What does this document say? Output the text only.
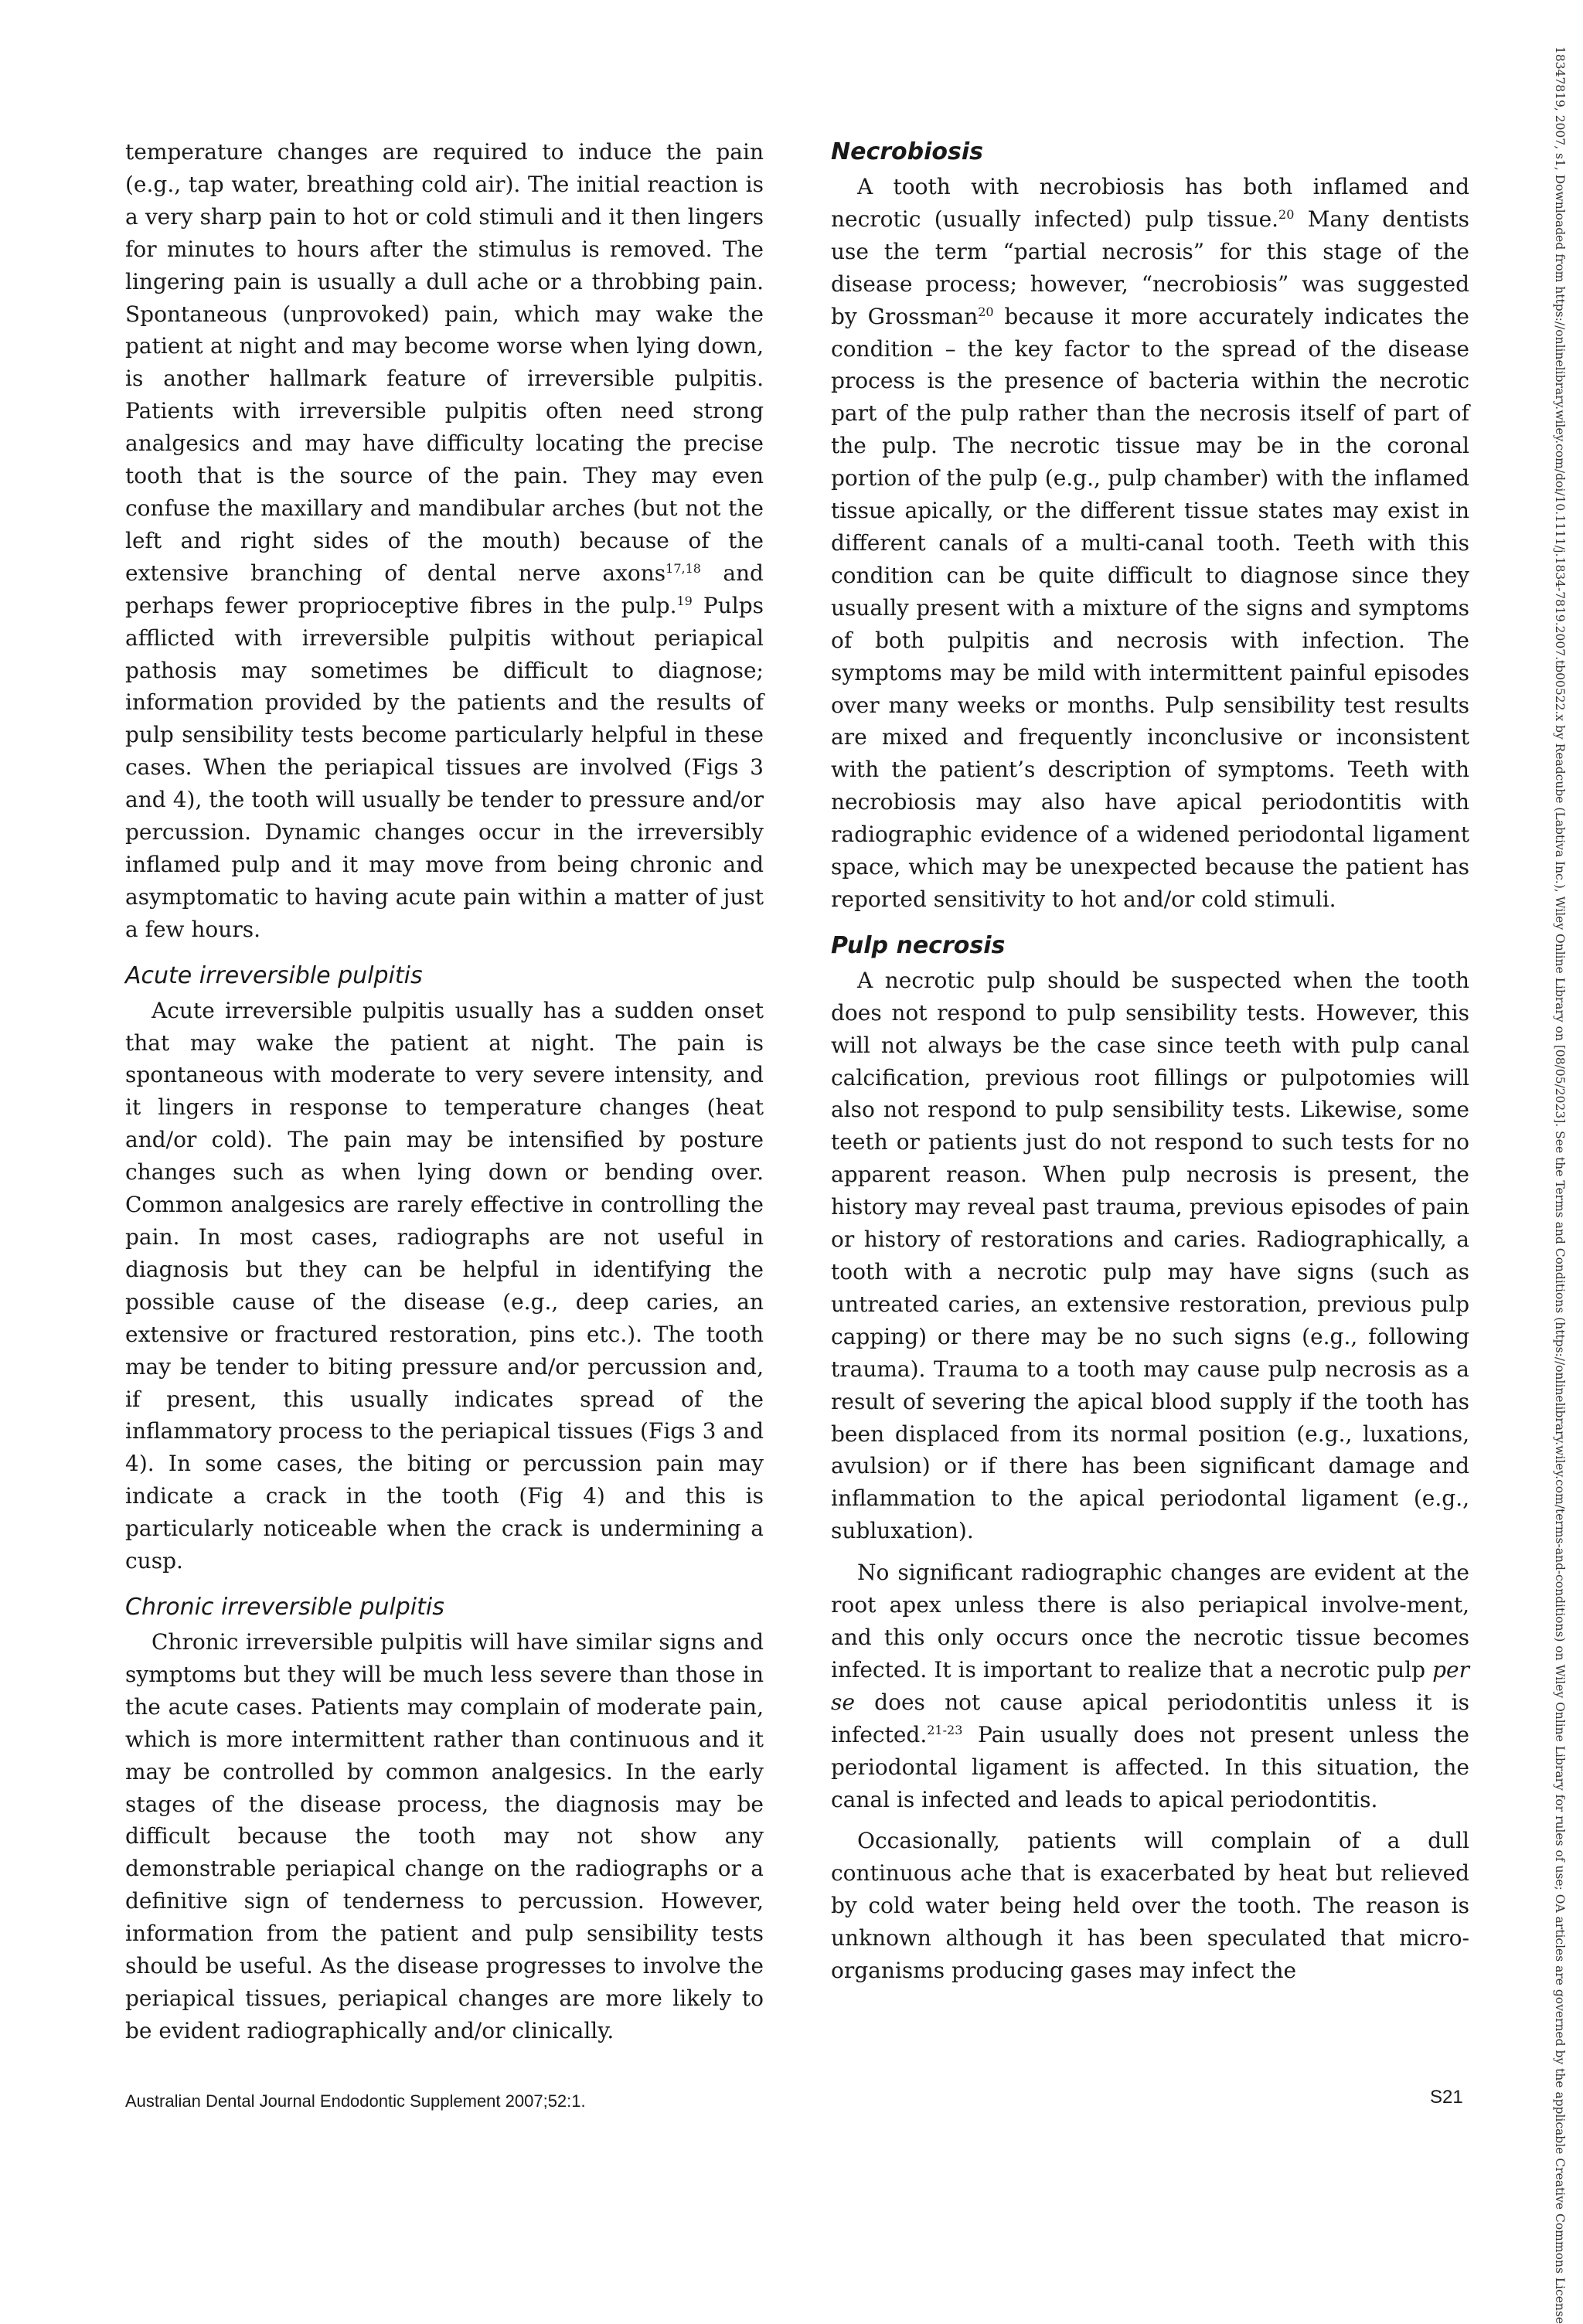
temperature changes are required to induce the pain (e.g., tap water, breathing cold air). The initial reaction is a very sharp pain to hot or cold stimuli and it then lingers for minutes to hours after the stimulus is removed. The lingering pain is usually a dull ache or a throbbing pain. Spontaneous (unprovoked) pain, which may wake the patient at night and may become worse when lying down, is another hallmark feature of irreversible pulpitis. Patients with irreversible pulpitis often need strong analgesics and may have difficulty locating the precise tooth that is the source of the pain. They may even confuse the maxillary and mandibular arches (but not the left and right sides of the mouth) because of the extensive branching of dental nerve axons$^{17,18}$ and perhaps fewer proprioceptive fibres in the pulp.$^{19}$ Pulps afflicted with irreversible pulpitis without periapical pathosis may sometimes be difficult to diagnose; information provided by the patients and the results of pulp sensibility tests become particularly helpful in these cases. When the periapical tissues are involved (Figs 3 and 4), the tooth will usually be tender to pressure and/or percussion. Dynamic changes occur in the irreversibly inflamed pulp and it may move from being chronic and asymptomatic to having acute pain within a matter of just a few hours.

Acute irreversible pulpitis

Acute irreversible pulpitis usually has a sudden onset that may wake the patient at night. The pain is spontaneous with moderate to very severe intensity, and it lingers in response to temperature changes (heat and/or cold). The pain may be intensified by posture changes such as when lying down or bending over. Common analgesics are rarely effective in controlling the pain. In most cases, radiographs are not useful in diagnosis but they can be helpful in identifying the possible cause of the disease (e.g., deep caries, an extensive or fractured restoration, pins etc.). The tooth may be tender to biting pressure and/or percussion and, if present, this usually indicates spread of the inflammatory process to the periapical tissues (Figs 3 and 4). In some cases, the biting or percussion pain may indicate a crack in the tooth (Fig 4) and this is particularly noticeable when the crack is undermining a cusp.

Chronic irreversible pulpitis

Chronic irreversible pulpitis will have similar signs and symptoms but they will be much less severe than those in the acute cases. Patients may complain of moderate pain, which is more intermittent rather than continuous and it may be controlled by common analgesics. In the early stages of the disease process, the diagnosis may be difficult because the tooth may not show any demonstrable periapical change on the radiographs or a definitive sign of tenderness to percussion. However, information from the patient and pulp sensibility tests should be useful. As the disease progresses to involve the periapical tissues, periapical changes are more likely to be evident radiographically and/or clinically.

Necrobiosis

A tooth with necrobiosis has both inflamed and necrotic (usually infected) pulp tissue.$^{20}$ Many dentists use the term “partial necrosis” for this stage of the disease process; however, “necrobiosis” was suggested by Grossman$^{20}$ because it more accurately indicates the condition – the key factor to the spread of the disease process is the presence of bacteria within the necrotic part of the pulp rather than the necrosis itself of part of the pulp. The necrotic tissue may be in the coronal portion of the pulp (e.g., pulp chamber) with the inflamed tissue apically, or the different tissue states may exist in different canals of a multi-canal tooth. Teeth with this condition can be quite difficult to diagnose since they usually present with a mixture of the signs and symptoms of both pulpitis and necrosis with infection. The symptoms may be mild with intermittent painful episodes over many weeks or months. Pulp sensibility test results are mixed and frequently inconclusive or inconsistent with the patient’s description of symptoms. Teeth with necrobiosis may also have apical periodontitis with radiographic evidence of a widened periodontal ligament space, which may be unexpected because the patient has reported sensitivity to hot and/or cold stimuli.

Pulp necrosis

A necrotic pulp should be suspected when the tooth does not respond to pulp sensibility tests. However, this will not always be the case since teeth with pulp canal calcification, previous root fillings or pulpotomies will also not respond to pulp sensibility tests. Likewise, some teeth or patients just do not respond to such tests for no apparent reason. When pulp necrosis is present, the history may reveal past trauma, previous episodes of pain or history of restorations and caries. Radiographically, a tooth with a necrotic pulp may have signs (such as untreated caries, an extensive restoration, previous pulp capping) or there may be no such signs (e.g., following trauma). Trauma to a tooth may cause pulp necrosis as a result of severing the apical blood supply if the tooth has been displaced from its normal position (e.g., luxations, avulsion) or if there has been significant damage and inflammation to the apical periodontal ligament (e.g., subluxation).

No significant radiographic changes are evident at the root apex unless there is also periapical involve-ment, and this only occurs once the necrotic tissue becomes infected. It is important to realize that a necrotic pulp per se does not cause apical periodontitis unless it is infected.$^{21-23}$ Pain usually does not present unless the periodontal ligament is affected. In this situation, the canal is infected and leads to apical periodontitis.

Occasionally, patients will complain of a dull continuous ache that is exacerbated by heat but relieved by cold water being held over the tooth. The reason is unknown although it has been speculated that micro-organisms producing gases may infect the

Australian Dental Journal Endodontic Supplement 2007;52:1.	S21	18347819, 2007, s1, Downloaded from https://onlinelibrary.wiley.com/doi/10.1111/j.1834-7819.2007.tb00522.x by Readcube (Labtiva Inc.), Wiley Online Library on [08/05/2023]. See the Terms and Conditions (https://onlinelibrary.wiley.com/terms-and-conditions) on Wiley Online Library for rules of use; OA articles are governed by the applicable Creative Commons License
